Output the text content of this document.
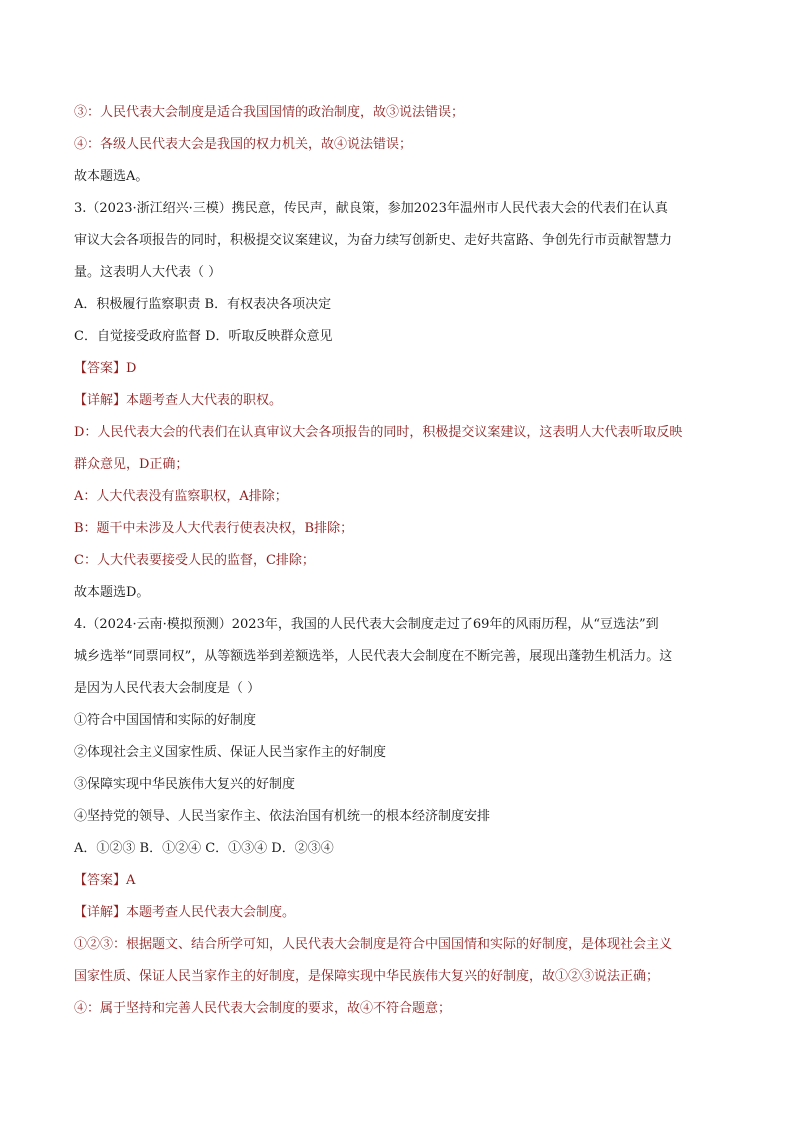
③：人民代表大会制度是适合我国国情的政治制度，故③说法错误；
④：各级人民代表大会是我国的权力机关，故④说法错误；
故本题选A。
3.（2023·浙江绍兴·三模）携民意，传民声，献良策，参加2023年温州市人民代表大会的代表们在认真
审议大会各项报告的同时，积极提交议案建议，为奋力续写创新史、走好共富路、争创先行市贡献智慧力
量。这表明人大代表（ ）
A．积极履行监察职责 B．有权表决各项决定
C．自觉接受政府监督 D．听取反映群众意见
【答案】D
【详解】本题考查人大代表的职权。
D：人民代表大会的代表们在认真审议大会各项报告的同时，积极提交议案建议，这表明人大代表听取反映
群众意见，D正确；
A：人大代表没有监察职权，A排除；
B：题干中未涉及人大代表行使表决权，B排除；
C：人大代表要接受人民的监督，C排除；
故本题选D。
4.（2024·云南·模拟预测）2023年，我国的人民代表大会制度走过了69年的风雨历程，从“豆选法”到
城乡选举“同票同权”，从等额选举到差额选举，人民代表大会制度在不断完善，展现出蓬勃生机活力。这
是因为人民代表大会制度是（ ）
①符合中国国情和实际的好制度
②体现社会主义国家性质、保证人民当家作主的好制度
③保障实现中华民族伟大复兴的好制度
④坚持党的领导、人民当家作主、依法治国有机统一的根本经济制度安排
A．①②③ B．①②④ C．①③④ D．②③④
【答案】A
【详解】本题考查人民代表大会制度。
①②③：根据题文、结合所学可知，人民代表大会制度是符合中国国情和实际的好制度，是体现社会主义
国家性质、保证人民当家作主的好制度，是保障实现中华民族伟大复兴的好制度，故①②③说法正确；
④：属于坚持和完善人民代表大会制度的要求，故④不符合题意；
